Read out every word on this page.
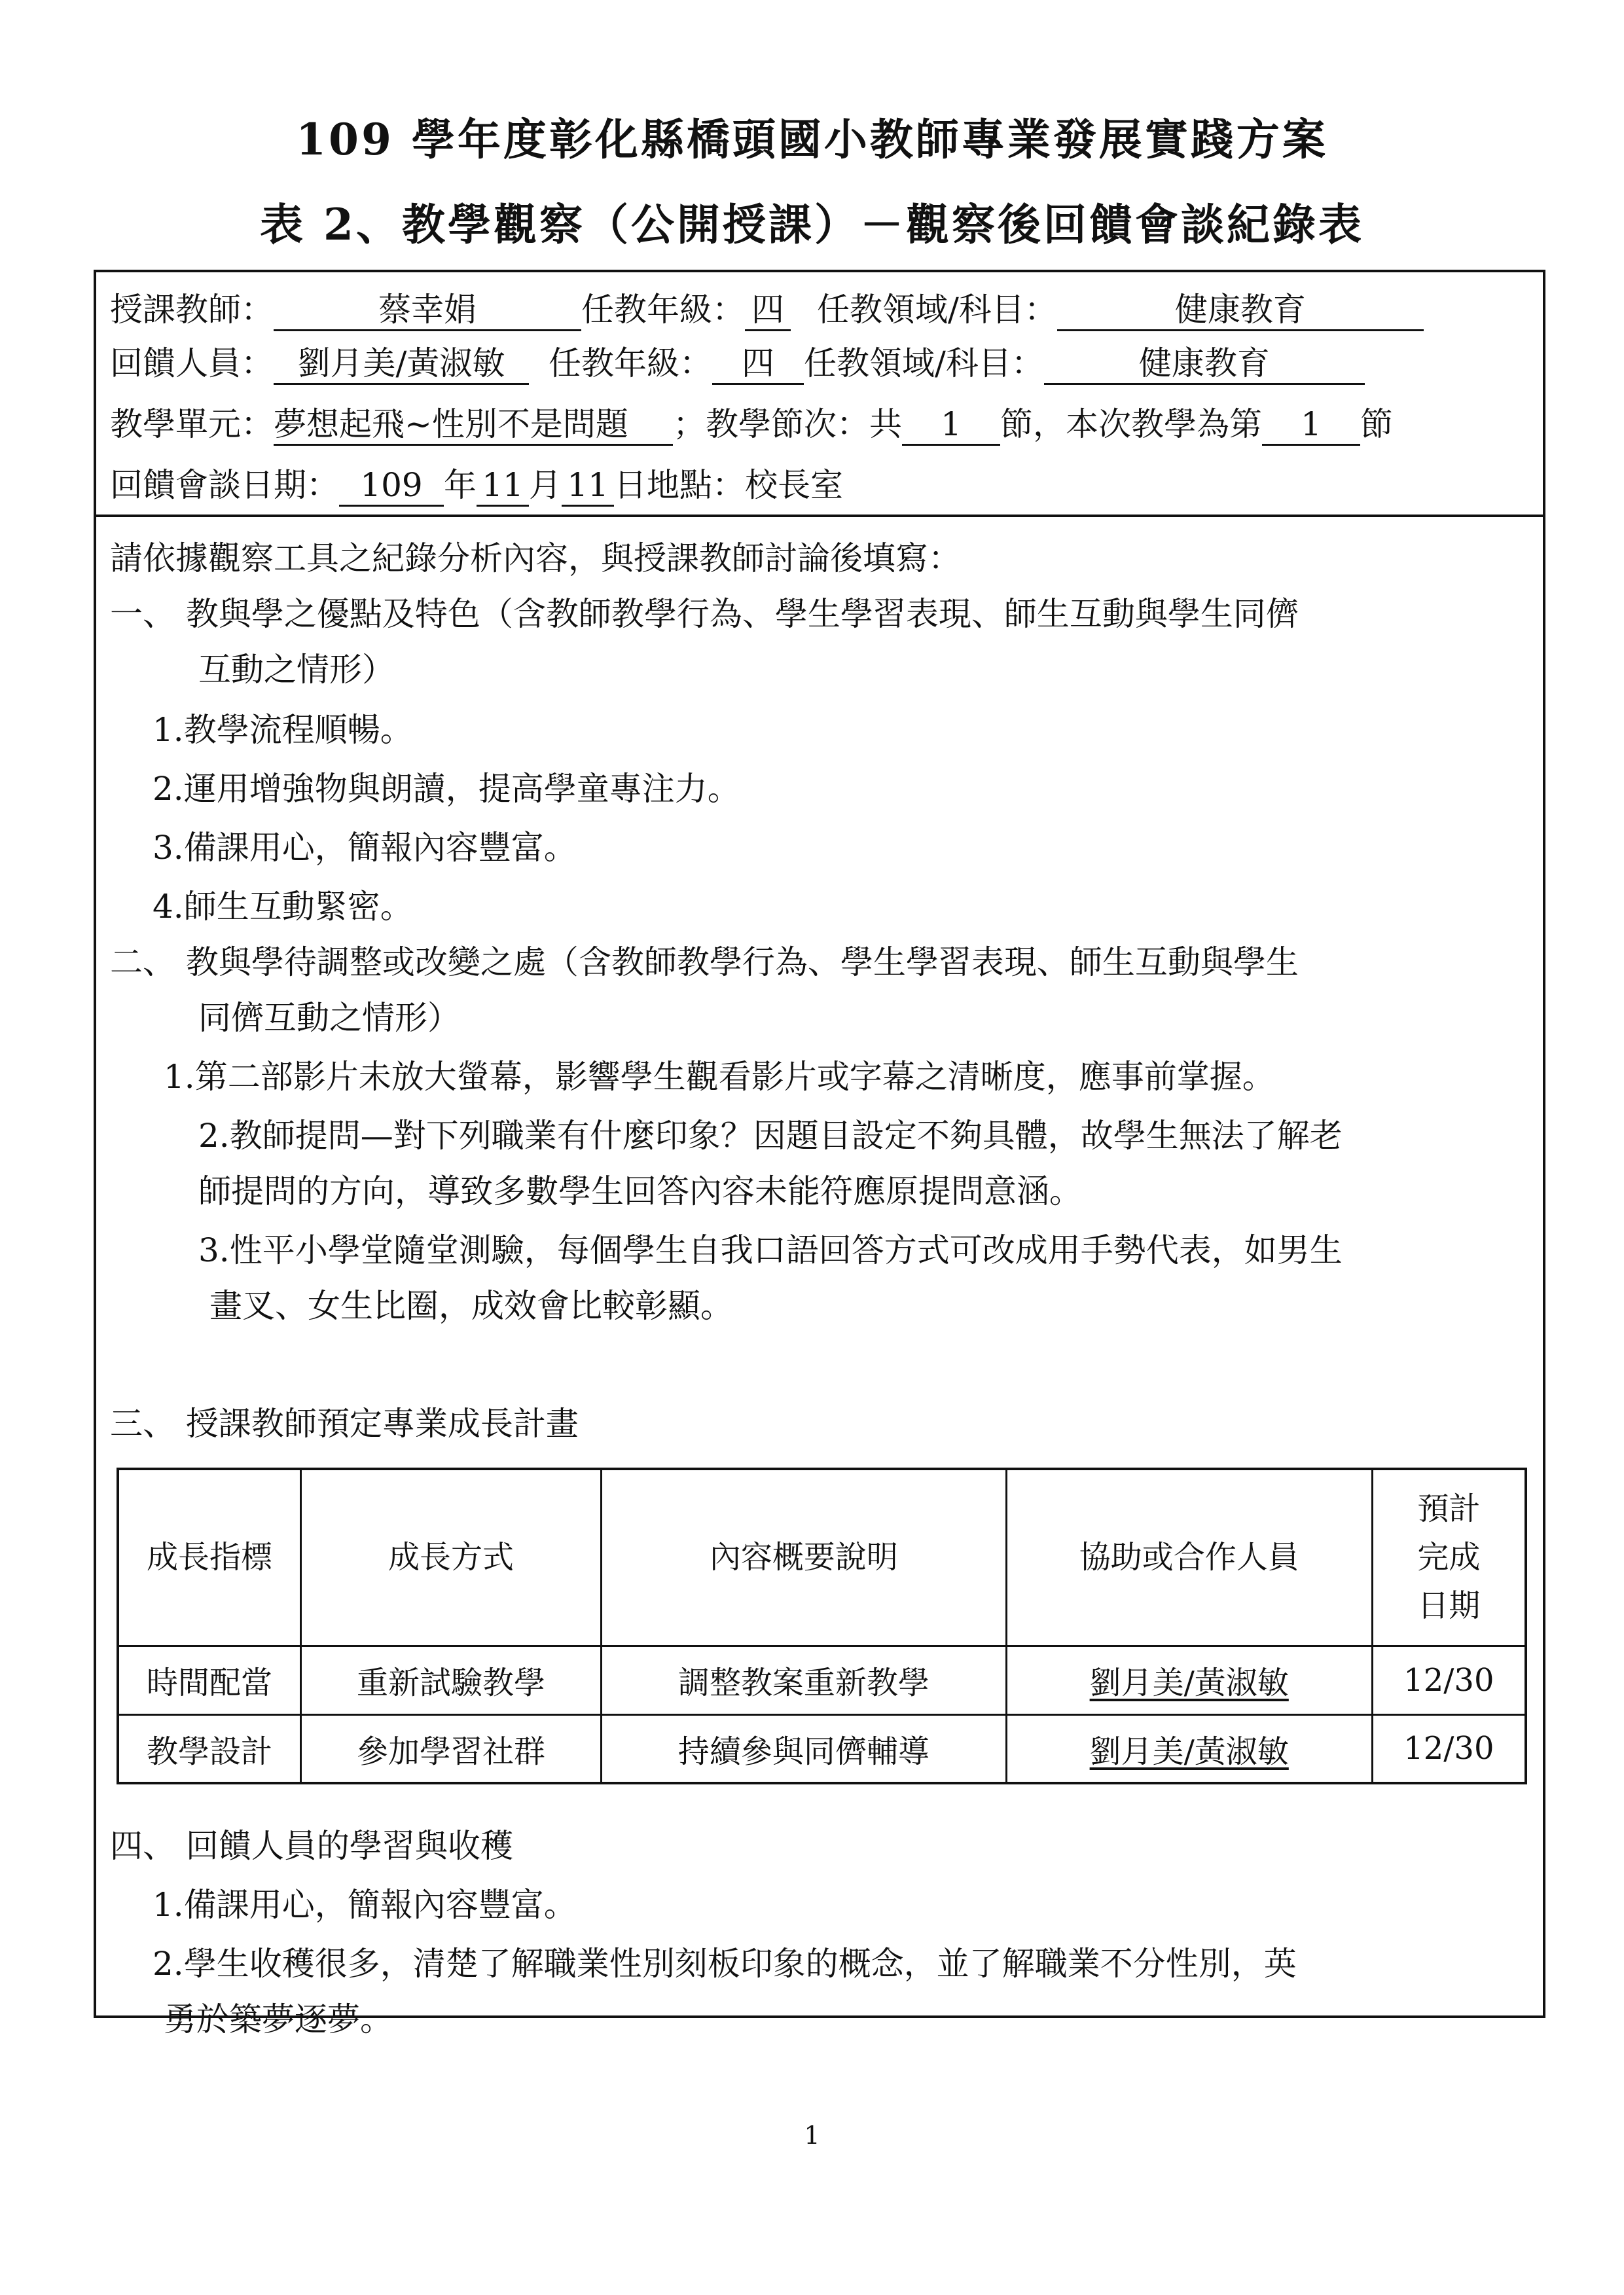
109 學年度彰化縣橋頭國小教師專業發展實踐方案
表 2、教學觀察（公開授課）－觀察後回饋會談紀錄表
授課教師：	蔡幸娟	任教年級： 四 任教領域/科目：	健康教育
回饋人員： 劉月美/黃淑敏 任教年級： 四 任教領域/科目：	健康教育
教學單元：夢想起飛~性別不是問題 ；教學節次：共 1 節，本次教學為第 1 節
回饋會談日期： 109 年 11 月 11 日地點：校長室
請依據觀察工具之紀錄分析內容，與授課教師討論後填寫：
一、 教與學之優點及特色（含教師教學行為、學生學習表現、師生互動與學生同儕
互動之情形）
1.教學流程順暢。
2.運用增強物與朗讀，提高學童專注力。
3.備課用心，簡報內容豐富。
4.師生互動緊密。
二、 教與學待調整或改變之處（含教師教學行為、學生學習表現、師生互動與學生
同儕互動之情形）
1.第二部影片未放大螢幕，影響學生觀看影片或字幕之清晰度，應事前掌握。
2.教師提問—對下列職業有什麼印象？因題目設定不夠具體，故學生無法了解老
師提問的方向，導致多數學生回答內容未能符應原提問意涵。
3.性平小學堂隨堂測驗，每個學生自我口語回答方式可改成用手勢代表，如男生
畫叉、女生比圈，成效會比較彰顯。
三、 授課教師預定專業成長計畫
成長指標	成長方式	內容概要說明	協助或合作人員	預計
完成
日期

時間配當	重新試驗教學	調整教案重新教學	劉月美/黃淑敏	12/30
教學設計	參加學習社群	持續參與同儕輔導	劉月美/黃淑敏	12/30
四、 回饋人員的學習與收穫
1.備課用心，簡報內容豐富。
2.學生收穫很多，清楚了解職業性別刻板印象的概念，並了解職業不分性別，英
勇於築夢逐夢。
1
